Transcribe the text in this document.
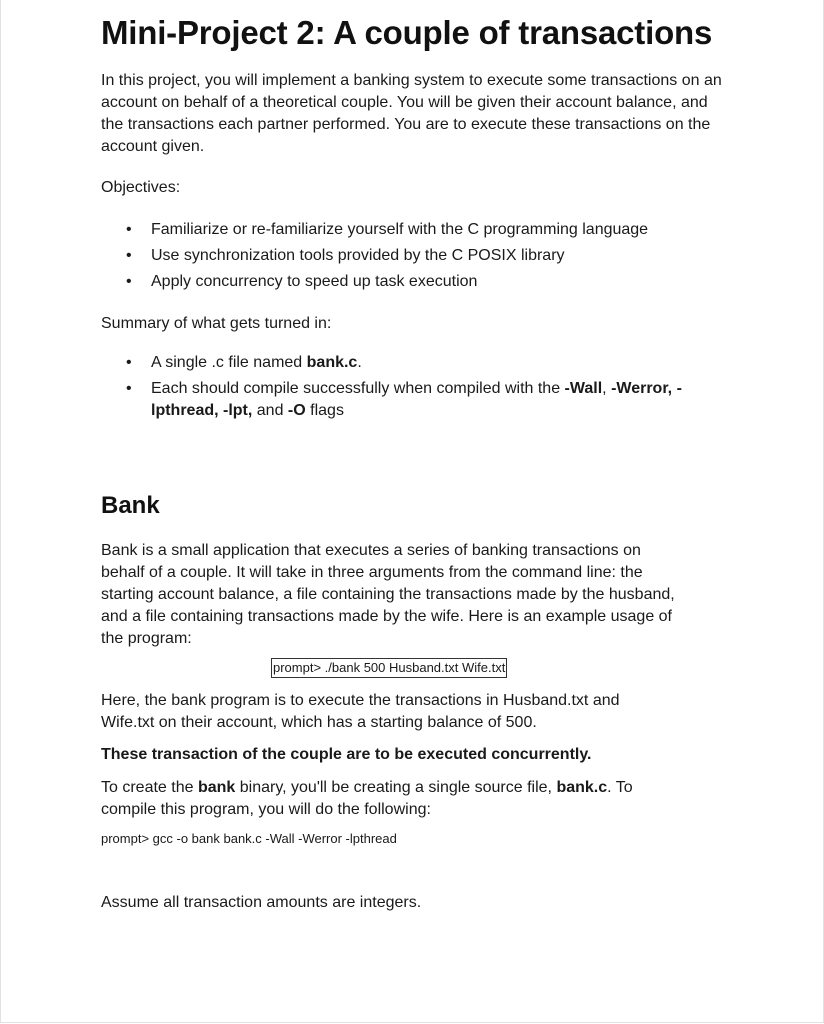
Mini-Project 2: A couple of transactions

In this project, you will implement a banking system to execute some transactions on an account on behalf of a theoretical couple. You will be given their account balance, and the transactions each partner performed. You are to execute these transactions on the account given.

Objectives:

• Familiarize or re-familiarize yourself with the C programming language
• Use synchronization tools provided by the C POSIX library
• Apply concurrency to speed up task execution

Summary of what gets turned in:

• A single .c file named bank.c.
• Each should compile successfully when compiled with the -Wall, -Werror, -lpthread, -lpt, and -O flags
Bank

Bank is a small application that executes a series of banking transactions on behalf of a couple. It will take in three arguments from the command line: the starting account balance, a file containing the transactions made by the husband, and a file containing transactions made by the wife. Here is an example usage of the program:

prompt> ./bank 500 Husband.txt Wife.txt

Here, the bank program is to execute the transactions in Husband.txt and Wife.txt on their account, which has a starting balance of 500.

These transaction of the couple are to be executed concurrently.

To create the bank binary, you'll be creating a single source file, bank.c. To compile this program, you will do the following:

prompt> gcc -o bank bank.c -Wall -Werror -lpthread

Assume all transaction amounts are integers.
